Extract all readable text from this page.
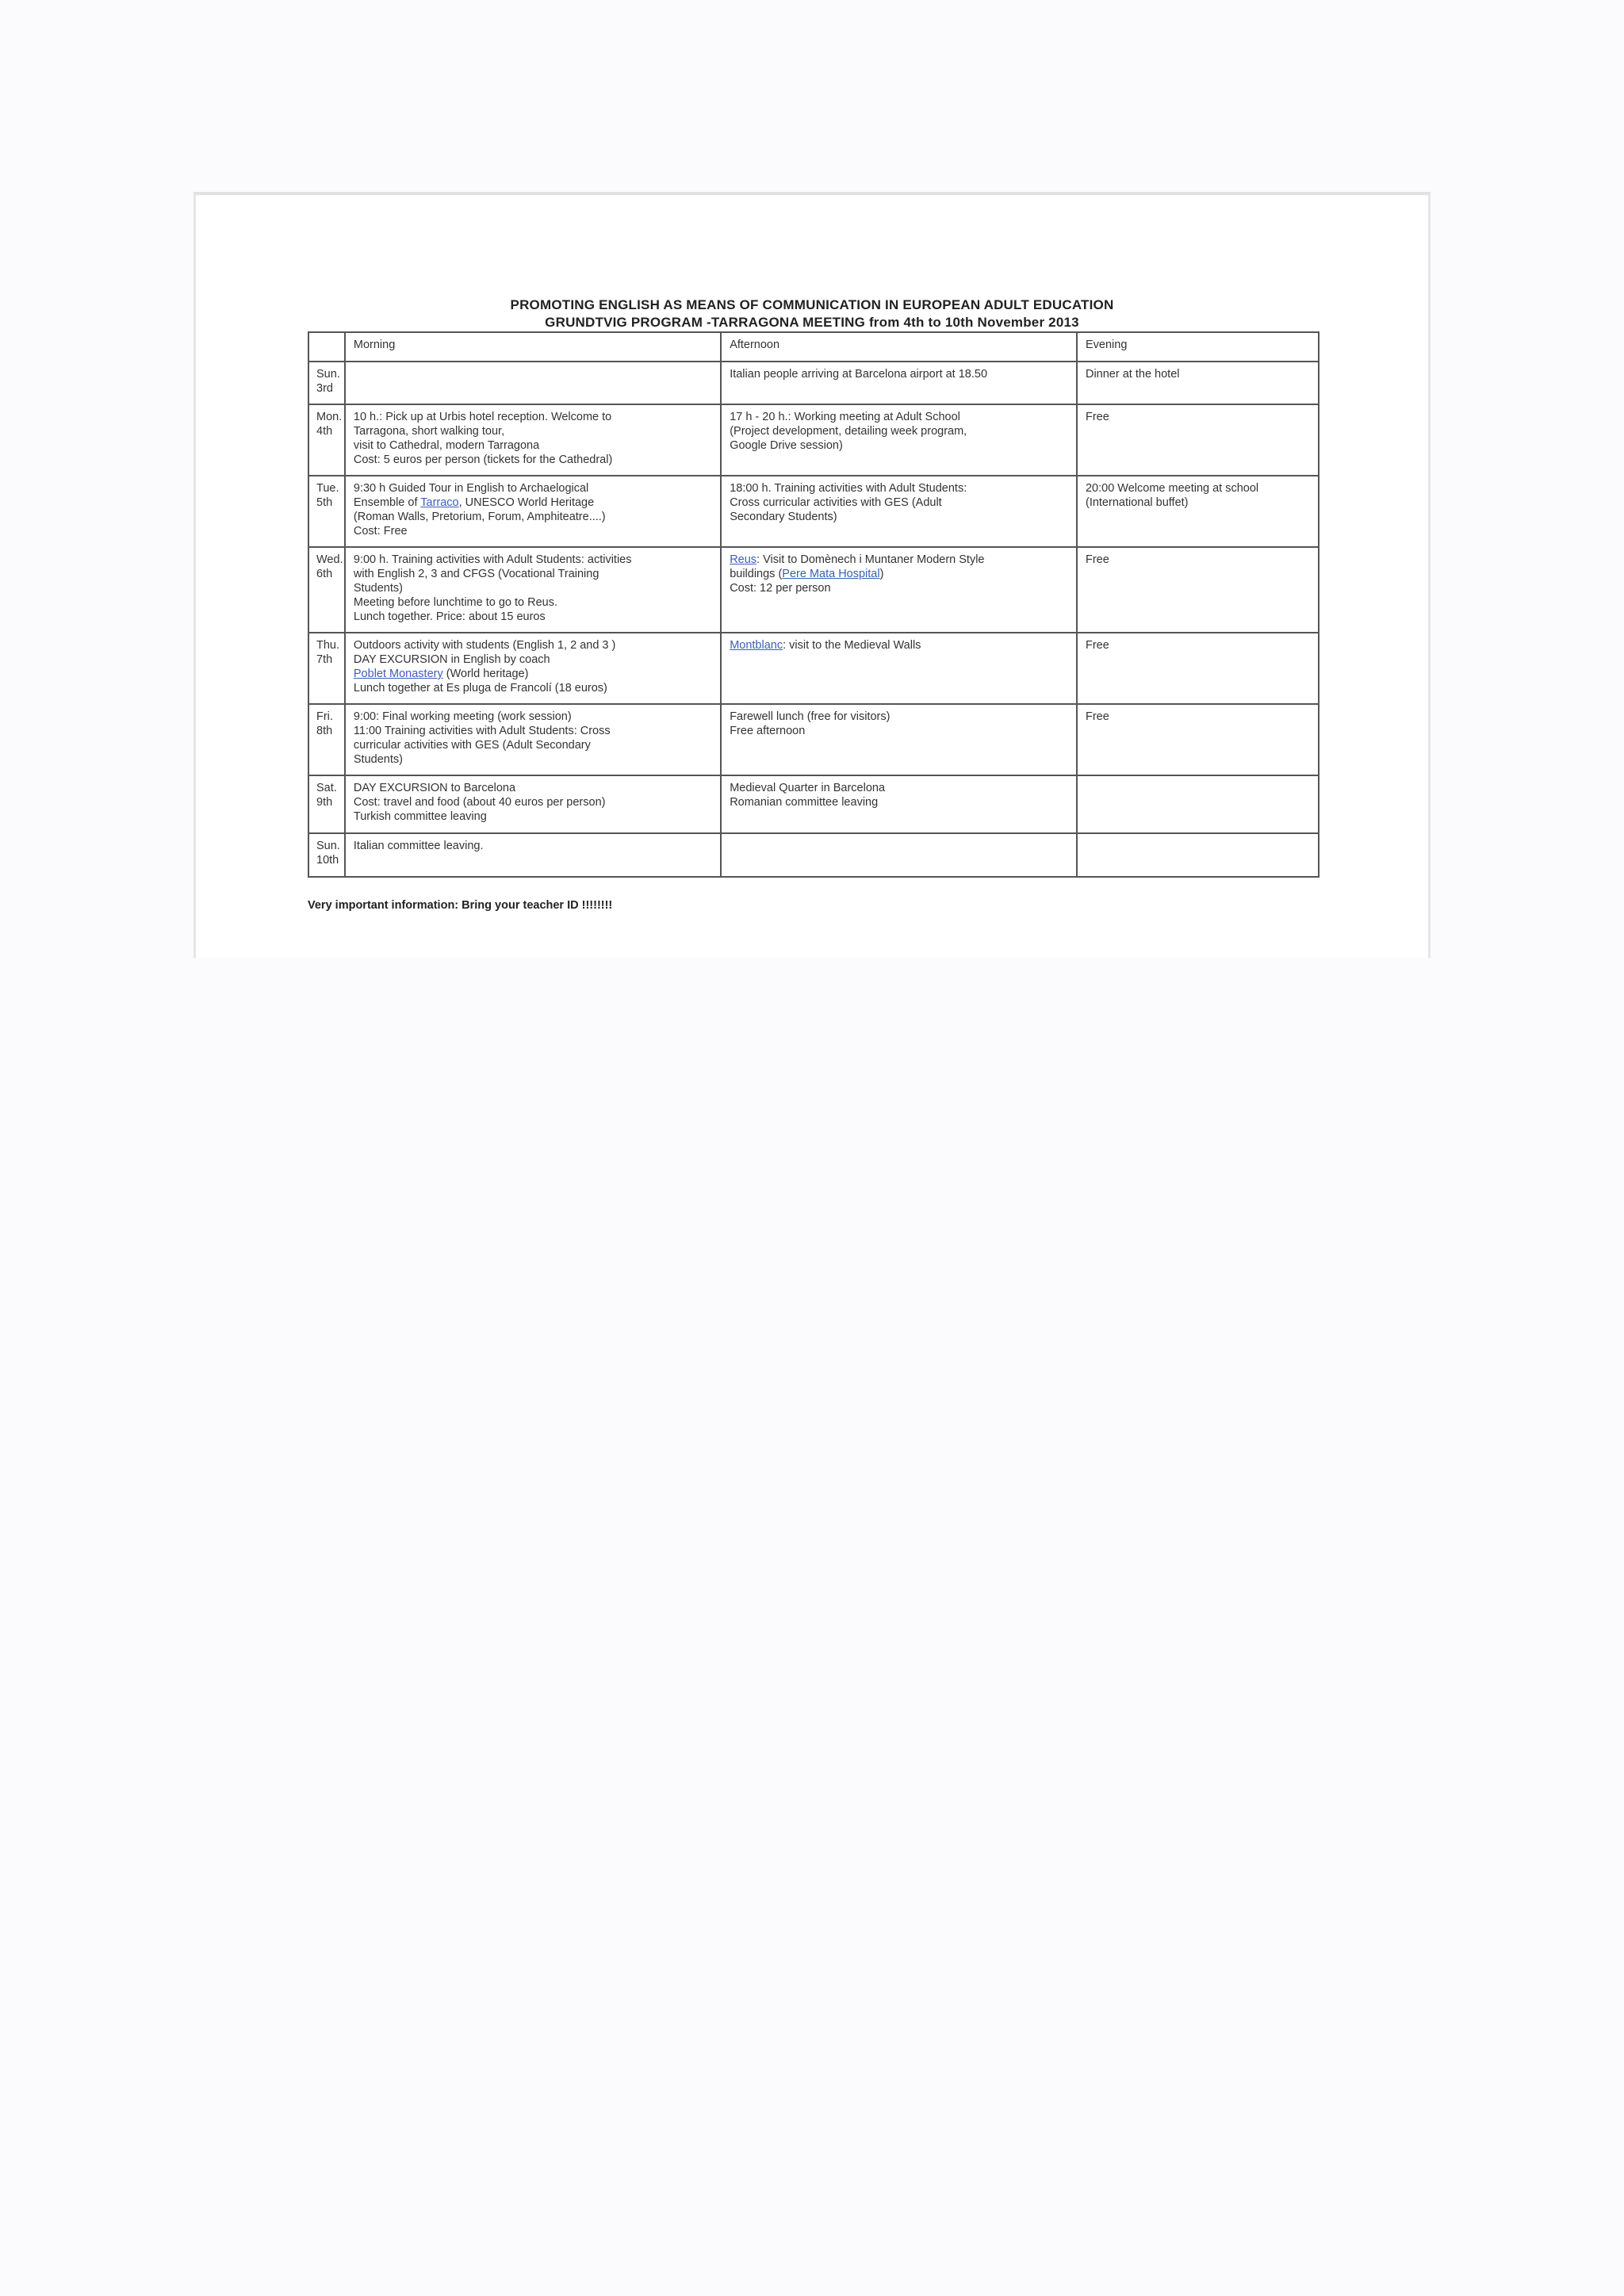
PROMOTING ENGLISH AS MEANS OF COMMUNICATION IN EUROPEAN ADULT EDUCATION
GRUNDTVIG PROGRAM -TARRAGONA MEETING from 4th to 10th November 2013
	Morning	Afternoon	Evening
Sun.
3rd		Italian people arriving at Barcelona airport at 18.50	Dinner at the hotel
Mon.
4th	10 h.: Pick up at Urbis hotel reception. Welcome to
Tarragona, short walking tour,
visit to Cathedral, modern Tarragona
Cost: 5 euros per person (tickets for the Cathedral)	17 h - 20 h.: Working meeting at Adult School
(Project development, detailing week program,
Google Drive session)	Free
Tue.
5th	9:30 h Guided Tour in English to Archaelogical
Ensemble of Tarraco, UNESCO World Heritage
(Roman Walls, Pretorium, Forum, Amphiteatre....)
Cost: Free	18:00 h. Training activities with Adult Students:
Cross curricular activities with GES (Adult
Secondary Students)	20:00 Welcome meeting at school
(International buffet)
Wed.
6th	9:00 h. Training activities with Adult Students: activities
with English 2, 3 and CFGS (Vocational Training
Students)
Meeting before lunchtime to go to Reus.
Lunch together. Price: about 15 euros	Reus: Visit to Domènech i Muntaner Modern Style
buildings (Pere Mata Hospital)
Cost: 12 per person	Free
Thu.
7th	Outdoors activity with students (English 1, 2 and 3 )
DAY EXCURSION in English by coach
Poblet Monastery (World heritage)
Lunch together at Es pluga de Francolí (18 euros)	Montblanc: visit to the Medieval Walls	Free
Fri.
8th	9:00: Final working meeting (work session)
11:00 Training activities with Adult Students: Cross
curricular activities with GES (Adult Secondary
Students)	Farewell lunch (free for visitors)
Free afternoon	Free
Sat.
9th	DAY EXCURSION to Barcelona
Cost: travel and food (about 40 euros per person)
Turkish committee leaving	Medieval Quarter in Barcelona
Romanian committee leaving	
Sun.
10th	Italian committee leaving.		
Very important information: Bring your teacher ID !!!!!!!!
